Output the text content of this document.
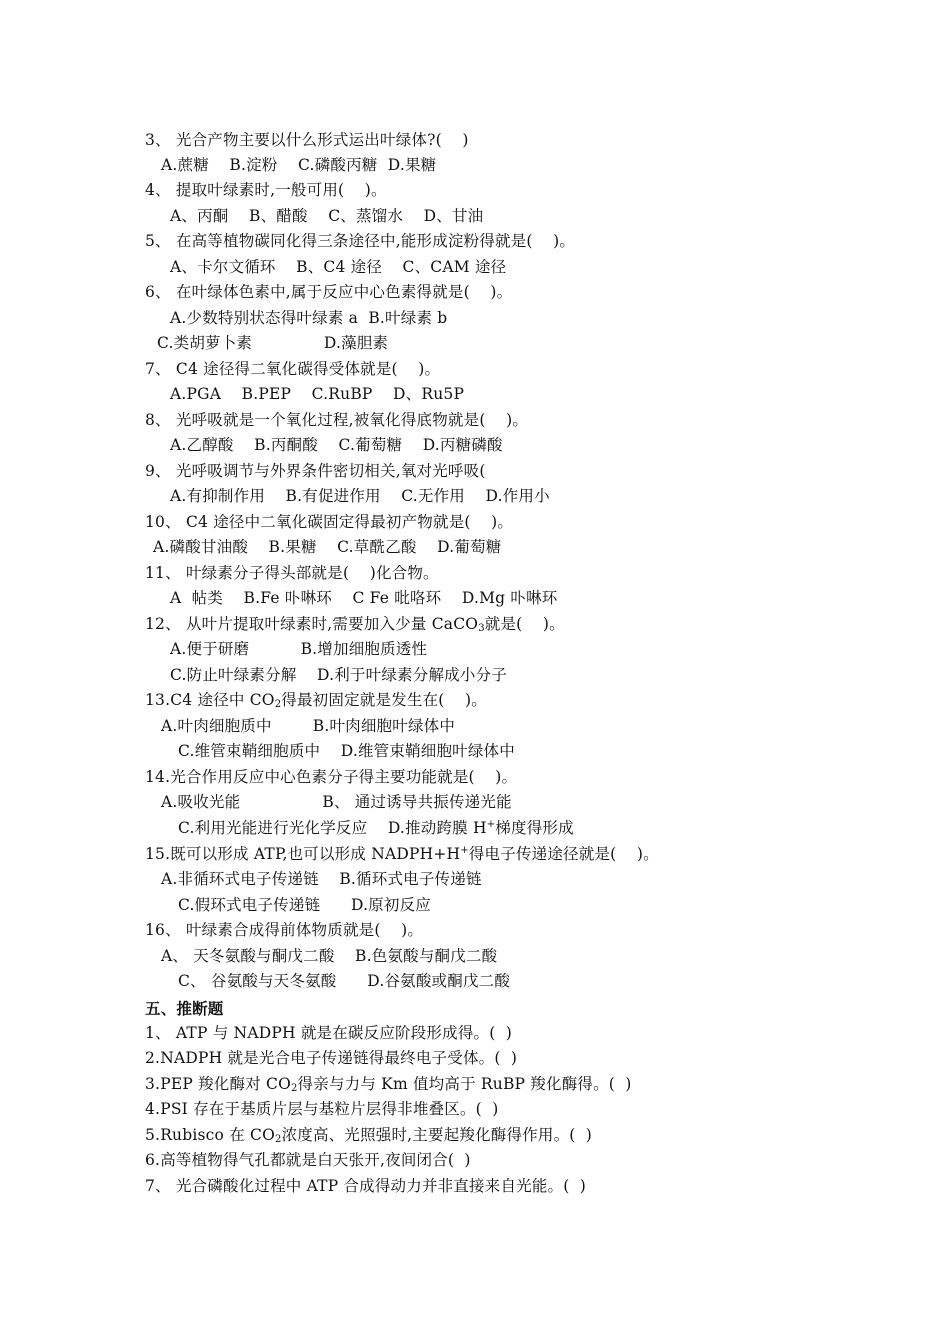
3、 光合产物主要以什么形式运出叶绿体?(    )
A.蔗糖    B.淀粉    C.磷酸丙糖  D.果糖
4、 提取叶绿素时,一般可用(    )。
A、丙酮    B、醋酸    C、蒸馏水    D、甘油
5、 在高等植物碳同化得三条途径中,能形成淀粉得就是(    )。
A、卡尔文循环    B、C4 途径    C、CAM 途径
6、 在叶绿体色素中,属于反应中心色素得就是(    )。
A.少数特别状态得叶绿素 a  B.叶绿素 b
C.类胡萝卜素              D.藻胆素
7、 C4 途径得二氧化碳得受体就是(    )。
A.PGA    B.PEP    C.RuBP    D、Ru5P
8、 光呼吸就是一个氧化过程,被氧化得底物就是(    )。
A.乙醇酸    B.丙酮酸    C.葡萄糖    D.丙糖磷酸
9、 光呼吸调节与外界条件密切相关,氧对光呼吸(
A.有抑制作用    B.有促进作用    C.无作用    D.作用小
10、 C4 途径中二氧化碳固定得最初产物就是(    )。
A.磷酸甘油酸    B.果糖    C.草酰乙酸    D.葡萄糖
11、 叶绿素分子得头部就是(    )化合物。
A  帖类    B.Fe 卟啉环    C Fe 吡咯环    D.Mg 卟啉环
12、 从叶片提取叶绿素时,需要加入少量 CaCO$_3$就是(    )。
A.便于研磨          B.增加细胞质透性
C.防止叶绿素分解    D.利于叶绿素分解成小分子
13.C4 途径中 $CO_2$得最初固定就是发生在(    )。
A.叶肉细胞质中        B.叶肉细胞叶绿体中
C.维管束鞘细胞质中    D.维管束鞘细胞叶绿体中
14.光合作用反应中心色素分子得主要功能就是(    )。
A.吸收光能                B、 通过诱导共振传递光能
C.利用光能进行光化学反应    D.推动跨膜 H+梯度得形成
15.既可以形成 ATP,也可以形成 NADPH+H+得电子传递途径就是(    )。
A.非循环式电子传递链    B.循环式电子传递链
C.假环式电子传递链      D.原初反应
16、 叶绿素合成得前体物质就是(    )。
A、 天冬氨酸与酮戊二酸    B.色氨酸与酮戊二酸
C、 谷氨酸与天冬氨酸      D.谷氨酸或酮戊二酸
五、推断题
1、 ATP 与 NADPH 就是在碳反应阶段形成得。(  )
2.NADPH 就是光合电子传递链得最终电子受体。(  )
3.PEP 羧化酶对 $CO_2$得亲与力与 Km 值均高于 RuBP 羧化酶得。(  )
4.PSI 存在于基质片层与基粒片层得非堆叠区。(  )
5.Rubisco 在 $CO_2$浓度高、光照强时,主要起羧化酶得作用。(  )
6.高等植物得气孔都就是白天张开,夜间闭合(  )
7、 光合磷酸化过程中 ATP 合成得动力并非直接来自光能。(  )
